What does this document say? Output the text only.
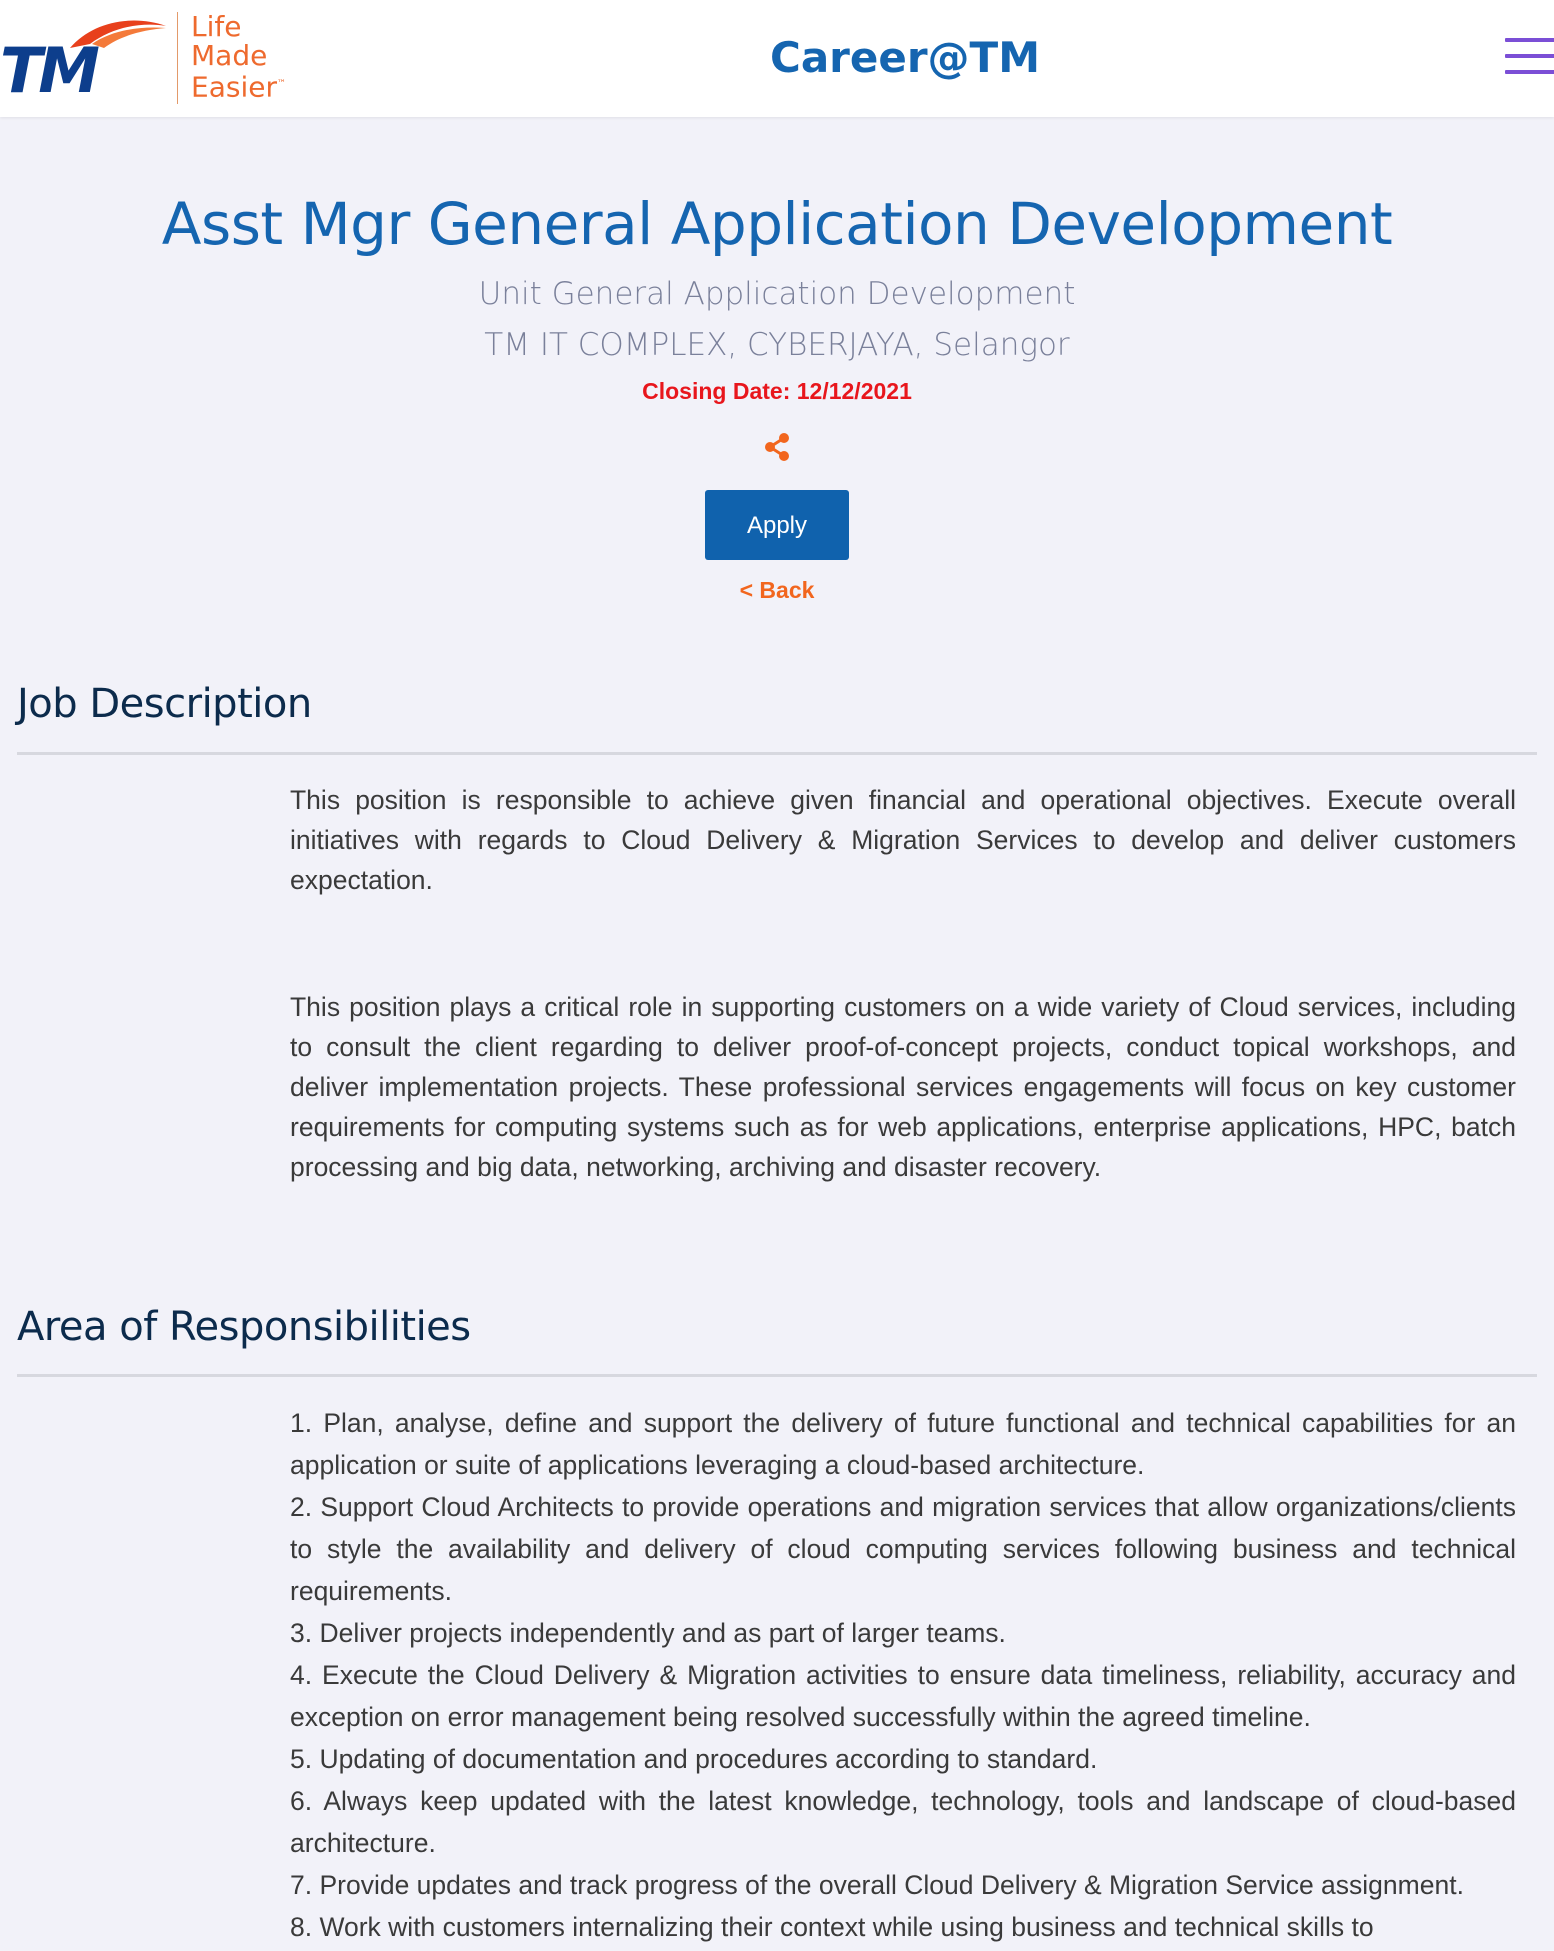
TM
Life
Made
Easier™
Career@TM
Asst Mgr General Application Development
Unit General Application Development
TM IT COMPLEX, CYBERJAYA, Selangor
Closing Date: 12/12/2021
Apply
< Back
Job Description

This position is responsible to achieve given financial and operational objectives. Execute overall initiatives with regards to Cloud Delivery & Migration Services to develop and deliver customers expectation.

This position plays a critical role in supporting customers on a wide variety of Cloud services, including to consult the client regarding to deliver proof-of-concept projects, conduct topical workshops, and deliver implementation projects. These professional services engagements will focus on key customer requirements for computing systems such as for web applications, enterprise applications, HPC, batch processing and big data, networking, archiving and disaster recovery.

Area of Responsibilities
1. Plan, analyse, define and support the delivery of future functional and technical capabilities for an application or suite of applications leveraging a cloud-based architecture.
2. Support Cloud Architects to provide operations and migration services that allow organizations/clients to style the availability and delivery of cloud computing services following business and technical requirements.
3. Deliver projects independently and as part of larger teams.
4. Execute the Cloud Delivery & Migration activities to ensure data timeliness, reliability, accuracy and exception on error management being resolved successfully within the agreed timeline.
5. Updating of documentation and procedures according to standard.
6. Always keep updated with the latest knowledge, technology, tools and landscape of cloud-based architecture.
7. Provide updates and track progress of the overall Cloud Delivery & Migration Service assignment.
8. Work with customers internalizing their context while using business and technical skills to
